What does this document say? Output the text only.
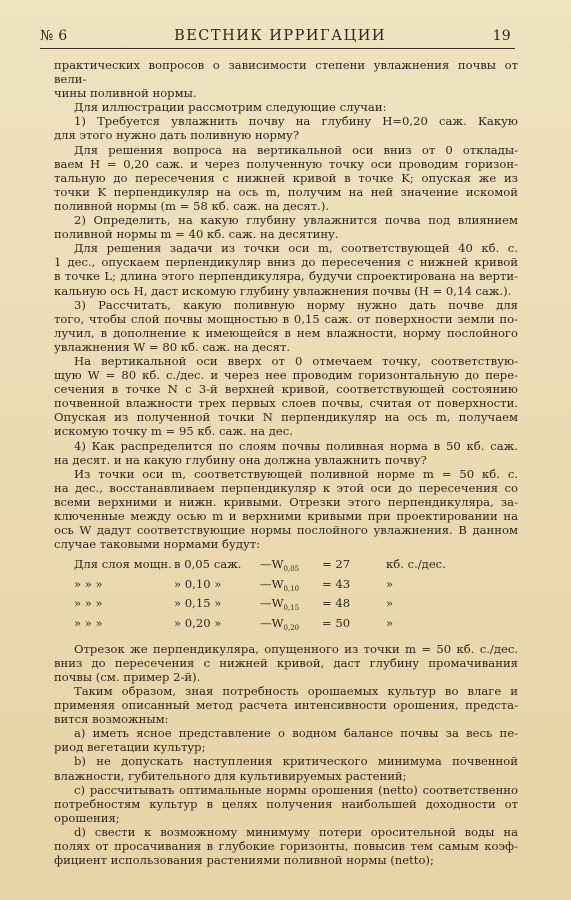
№ 6	ВЕСТНИК ИРРИГАЦИИ	19

практических вопросов о зависимости степени увлажнения почвы от вели-

чины поливной нормы.

Для иллюстрации рассмотрим следующие случаи:

1) Требуется увлажнить почву на глубину H=0,20 саж. Какую

для этого нужно дать поливную норму?

Для решения вопроса на вертикальной оси вниз от 0 отклады-

ваем H = 0,20 саж. и через полученную точку оси проводим горизон-

тальную до пересечения с нижней кривой в точке K; опуская же из

точки K перпендикуляр на ось m, получим на ней значение искомой

поливной нормы (m = 58 кб. саж. на десят.).

2) Определить, на какую глубину увлажнится почва под влиянием

поливной нормы m = 40 кб. саж. на десятину.

Для решения задачи из точки оси m, соответствующей 40 кб. с.

1 дес., опускаем перпендикуляр вниз до пересечения с нижней кривой

в точке L; длина этого перпендикуляра, будучи спроектирована на верти-

кальную ось H, даст искомую глубину увлажнения почвы (H = 0,14 саж.).

3) Рассчитать, какую поливную норму нужно дать почве для

того, чтобы слой почвы мощностью в 0,15 саж. от поверхности земли по-

лучил, в дополнение к имеющейся в нем влажности, норму послойного

увлажнения W = 80 кб. саж. на десят.

На вертикальной оси вверх от 0 отмечаем точку, соответствую-

щую W = 80 кб. с./дес. и через нее проводим горизонтальную до пере-

сечения в точке N с 3-й верхней кривой, соответствующей состоянию

почвенной влажности трех первых слоев почвы, считая от поверхности.

Опуская из полученной точки N перпендикуляр на ось m, получаем

искомую точку m = 95 кб. саж. на дес.

4) Как распределится по слоям почвы поливная норма в 50 кб. саж.

на десят. и на какую глубину она должна увлажнить почву?

Из точки оси m, соответствующей поливной норме m = 50 кб. с.

на дес., восстанавливаем перпендикуляр к этой оси до пересечения со

всеми верхними и нижн. кривыми. Отрезки этого перпендикуляра, за-

ключенные между осью m и верхними кривыми при проектировании на

ось W дадут соответствующие нормы послойного увлажнения. В данном

случае таковыми нормами будут:

Для слоя мощн. в 0,05 саж.	$—W_{0,05}$	= 27	кб. с./дес.
» » »	» 0,10 »	$—W_{0,10}$	= 43	»
» » »	» 0,15 »	$—W_{0,15}$	= 48	»
» » »	» 0,20 »	$—W_{0,20}$	= 50	»

Отрезок же перпендикуляра, опущенного из точки m = 50 кб. с./дес.

вниз до пересечения с нижней кривой, даст глубину промачивания

почвы (см. пример 2-й).

Таким образом, зная потребность орошаемых культур во влаге и

применяя описанный метод расчета интенсивности орошения, предста-

вится возможным:

a) иметь ясное представление о водном балансе почвы за весь пе-

риод вегетации культур;

b) не допускать наступления критического минимума почвенной

влажности, губительного для культивируемых растений;

c) рассчитывать оптимальные нормы орошения (netto) соответственно

потребностям культур в целях получения наибольшей доходности от

орошения;

d) свести к возможному минимуму потери оросительной воды на

полях от просачивания в глубокие горизонты, повысив тем самым коэф-

фициент использования растениями поливной нормы (netto);
